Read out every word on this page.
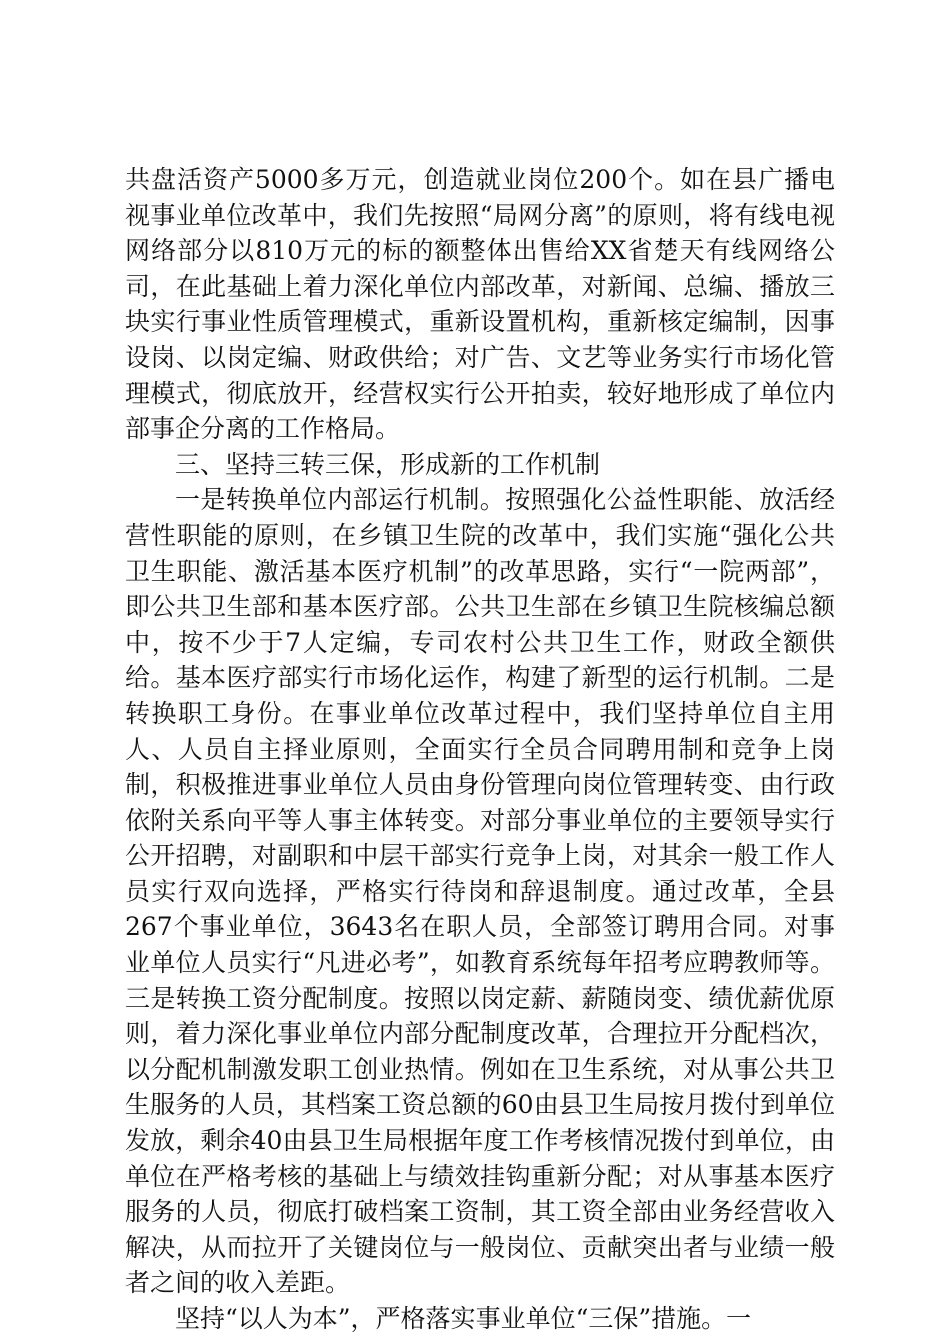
共盘活资产5000多万元，创造就业岗位200个。如在县广播电视事业单位改革中，我们先按照“局网分离”的原则，将有线电视网络部分以810万元的标的额整体出售给XX省楚天有线网络公司，在此基础上着力深化单位内部改革，对新闻、总编、播放三块实行事业性质管理模式，重新设置机构，重新核定编制，因事设岗、以岗定编、财政供给；对广告、文艺等业务实行市场化管理模式，彻底放开，经营权实行公开拍卖，较好地形成了单位内部事企分离的工作格局。

三、坚持三转三保，形成新的工作机制

一是转换单位内部运行机制。按照强化公益性职能、放活经营性职能的原则，在乡镇卫生院的改革中，我们实施“强化公共卫生职能、激活基本医疗机制”的改革思路，实行“一院两部”，即公共卫生部和基本医疗部。公共卫生部在乡镇卫生院核编总额中，按不少于7人定编，专司农村公共卫生工作，财政全额供给。基本医疗部实行市场化运作，构建了新型的运行机制。二是转换职工身份。在事业单位改革过程中，我们坚持单位自主用人、人员自主择业原则，全面实行全员合同聘用制和竞争上岗制，积极推进事业单位人员由身份管理向岗位管理转变、由行政依附关系向平等人事主体转变。对部分事业单位的主要领导实行公开招聘，对副职和中层干部实行竞争上岗，对其余一般工作人员实行双向选择，严格实行待岗和辞退制度。通过改革，全县267个事业单位，3643名在职人员，全部签订聘用合同。对事业单位人员实行“凡进必考”，如教育系统每年招考应聘教师等。三是转换工资分配制度。按照以岗定薪、薪随岗变、绩优薪优原则，着力深化事业单位内部分配制度改革，合理拉开分配档次，以分配机制激发职工创业热情。例如在卫生系统，对从事公共卫生服务的人员，其档案工资总额的60由县卫生局按月拨付到单位发放，剩余40由县卫生局根据年度工作考核情况拨付到单位，由单位在严格考核的基础上与绩效挂钩重新分配；对从事基本医疗服务的人员，彻底打破档案工资制，其工资全部由业务经营收入解决，从而拉开了关键岗位与一般岗位、贡献突出者与业绩一般者之间的收入差距。

坚持“以人为本”，严格落实事业单位“三保”措施。一
